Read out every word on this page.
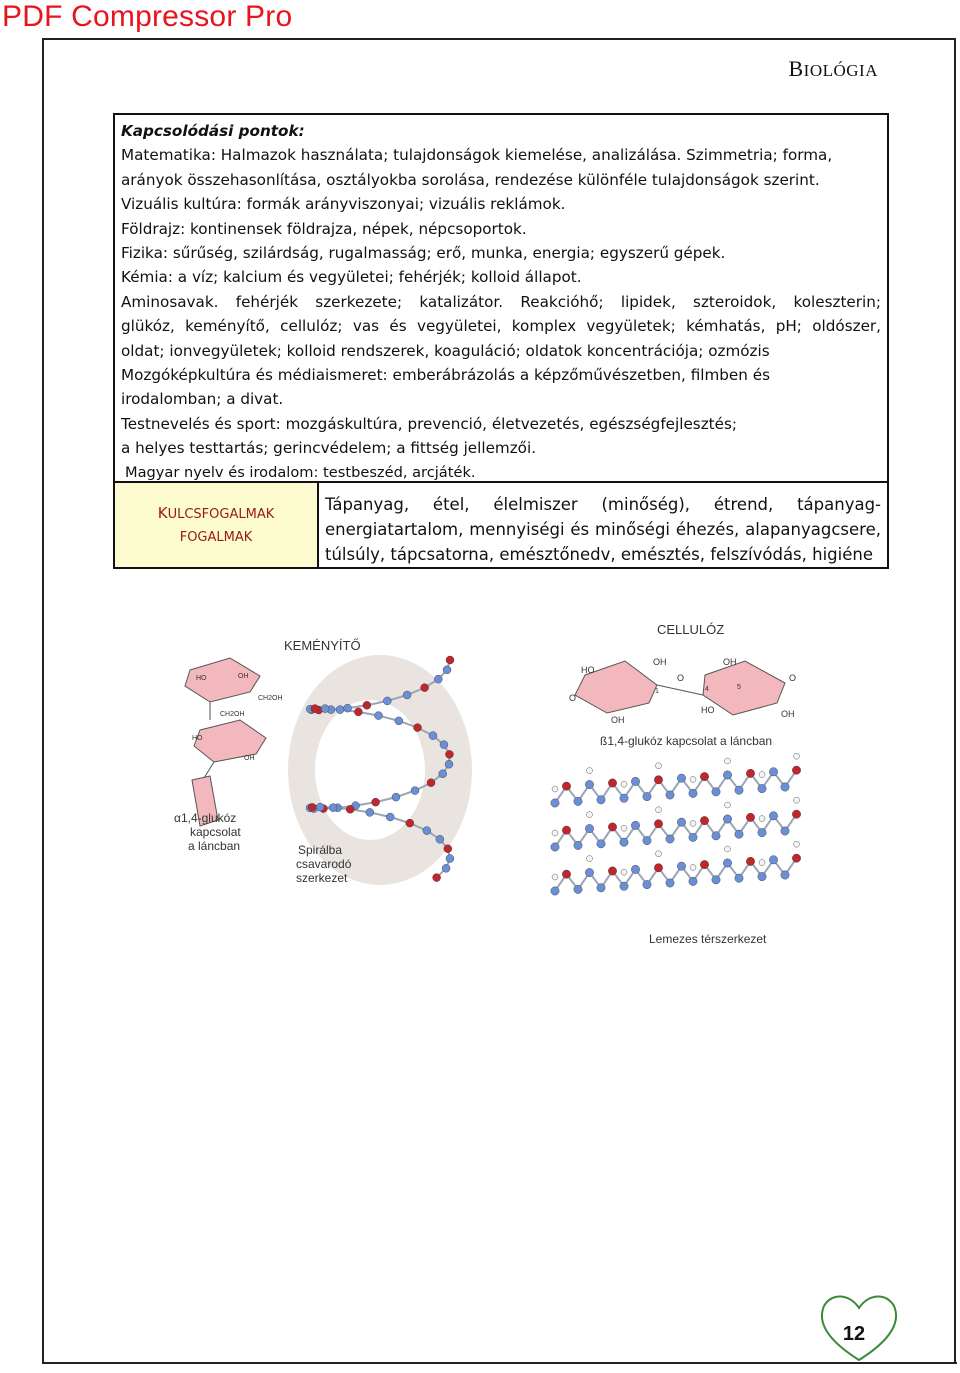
PDF Compressor Pro
BIOLÓGIA
Kapcsolódási pontok:
Matematika: Halmazok használata; tulajdonságok kiemelése, analizálása. Szimmetria; forma,
arányok összehasonlítása, osztályokba sorolása, rendezése különféle tulajdonságok szerint.
Vizuális kultúra: formák arányviszonyai; vizuális reklámok.
Földrajz: kontinensek földrajza, népek, népcsoportok.
Fizika: sűrűség, szilárdság, rugalmasság; erő, munka, energia; egyszerű gépek.
Kémia: a víz; kalcium és vegyületei; fehérjék; kolloid állapot.
Aminosavak. fehérjék szerkezete; katalizátor. Reakcióhő; lipidek, szteroidok, koleszterin;
glükóz, keményítő, cellulóz; vas és vegyületei, komplex vegyületek; kémhatás, pH; oldószer,
oldat; ionvegyületek; kolloid rendszerek, koaguláció; oldatok koncentrációja; ozmózis
Mozgóképkultúra és médiaismeret: emberábrázolás a képzőművészetben, filmben és
irodalomban; a divat.
Testnevelés és sport: mozgáskultúra, prevenció, életvezetés, egészségfejlesztés;
a helyes testtartás; gerincvédelem; a fittség jellemzői.
Magyar nyelv és irodalom: testbeszéd, arcjáték.
KULCSFOGALMAK
FOGALMAK
Tápanyag, étel, élelmiszer (minőség), étrend, tápanyag-
energiatartalom, mennyiségi és minőségi éhezés, alapanyagcsere,
túlsúly, tápcsatorna, emésztőnedv, emésztés, felszívódás, higiéne
KEMÉNYÍTŐ
HO
HO
CH2OH
CH2OH
OH
OH
α1,4-glukóz
kapcsolat
a láncban	Spirálba
csavarodó
szerkezet
CELLULÓZ
HO
OH	OH
OH
HO	OH
O
O	O
1	4	5
ß1,4-glukóz kapcsolat a láncban
Lemezes térszerkezet
12
